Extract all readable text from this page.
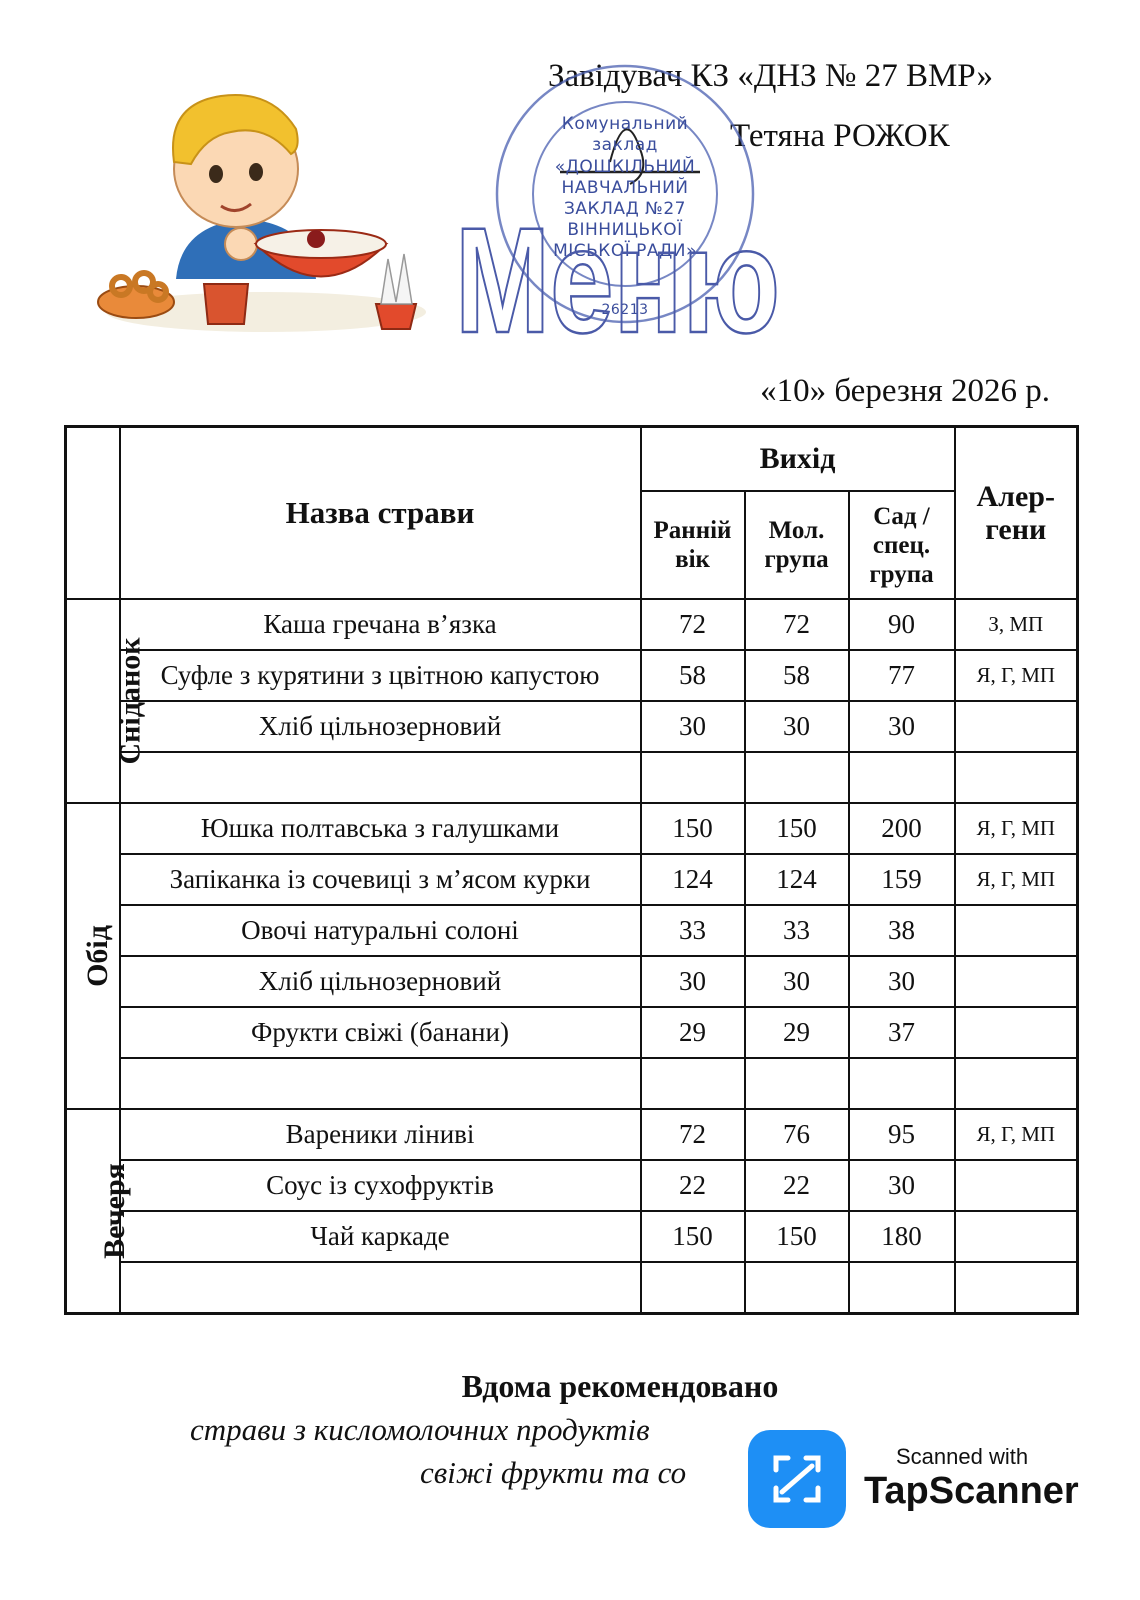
Завідувач КЗ «ДНЗ № 27 ВМР»
Тетяна РОЖОК
Комунальний
заклад
«ДОШКІЛЬНИЙ
НАВЧАЛЬНИЙ
ЗАКЛАД №27
ВІННИЦЬКОЇ
МІСЬКОЇ РАДИ»
26213
Меню
«10» березня 2026 р.
	Назва страви	Вихід			Алер-гени
		Ранній вік	Мол. група	Сад / спец. група	
Сніданок	Каша гречана в’язка	72	72	90	З, МП
	Суфле з курятини з цвітною капустою	58	58	77	Я, Г, МП
	Хліб цільнозерновий	30	30	30	

Обід	Юшка полтавська з галушками	150	150	200	Я, Г, МП
	Запіканка із сочевиці з м’ясом курки	124	124	159	Я, Г, МП
	Овочі натуральні солоні	33	33	38	
	Хліб цільнозерновий	30	30	30	
	Фрукти свіжі (банани)	29	29	37	

Вечеря	Вареники ліниві	72	76	95	Я, Г, МП
	Соус із сухофруктів	22	22	30	
	Чай каркаде	150	150	180	

Вдома рекомендовано
страви з кисломолочних продуктів
свіжі фрукти та со	Scanned with
TapScanner
